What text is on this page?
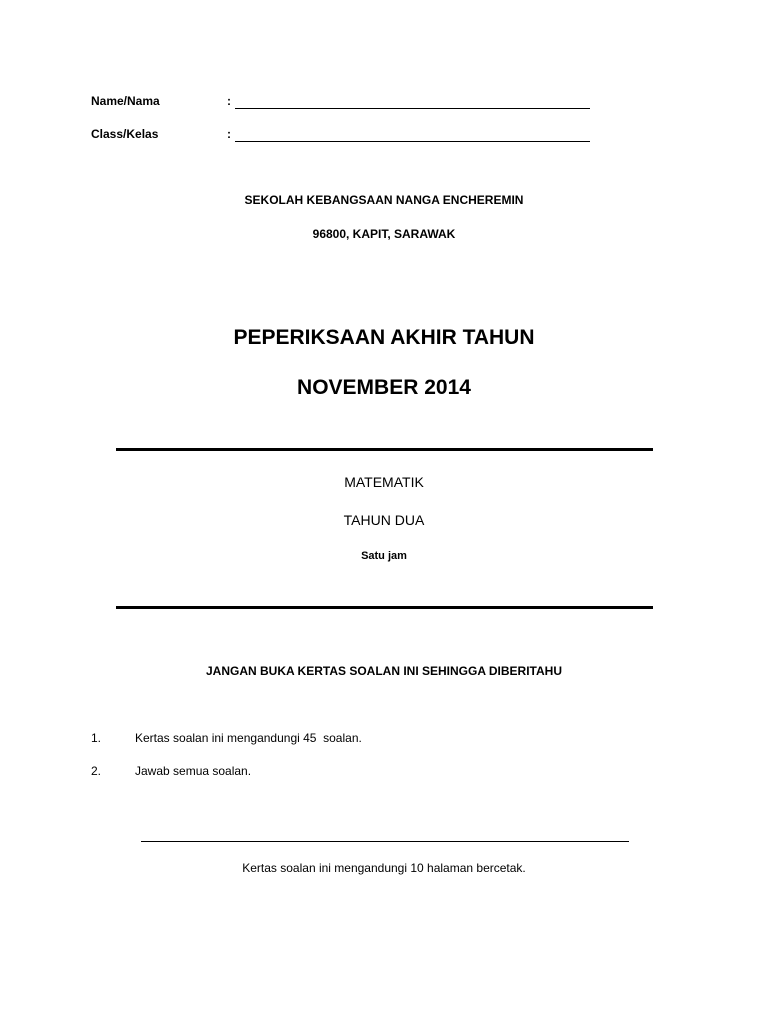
Name/Nama	:
Class/Kelas	:
SEKOLAH KEBANGSAAN NANGA ENCHEREMIN
96800, KAPIT, SARAWAK
PEPERIKSAAN AKHIR TAHUN
NOVEMBER 2014
MATEMATIK
TAHUN DUA
Satu jam
JANGAN BUKA KERTAS SOALAN INI SEHINGGA DIBERITAHU
1.	Kertas soalan ini mengandungi 45  soalan.
2.	Jawab semua soalan.
Kertas soalan ini mengandungi 10 halaman bercetak.
